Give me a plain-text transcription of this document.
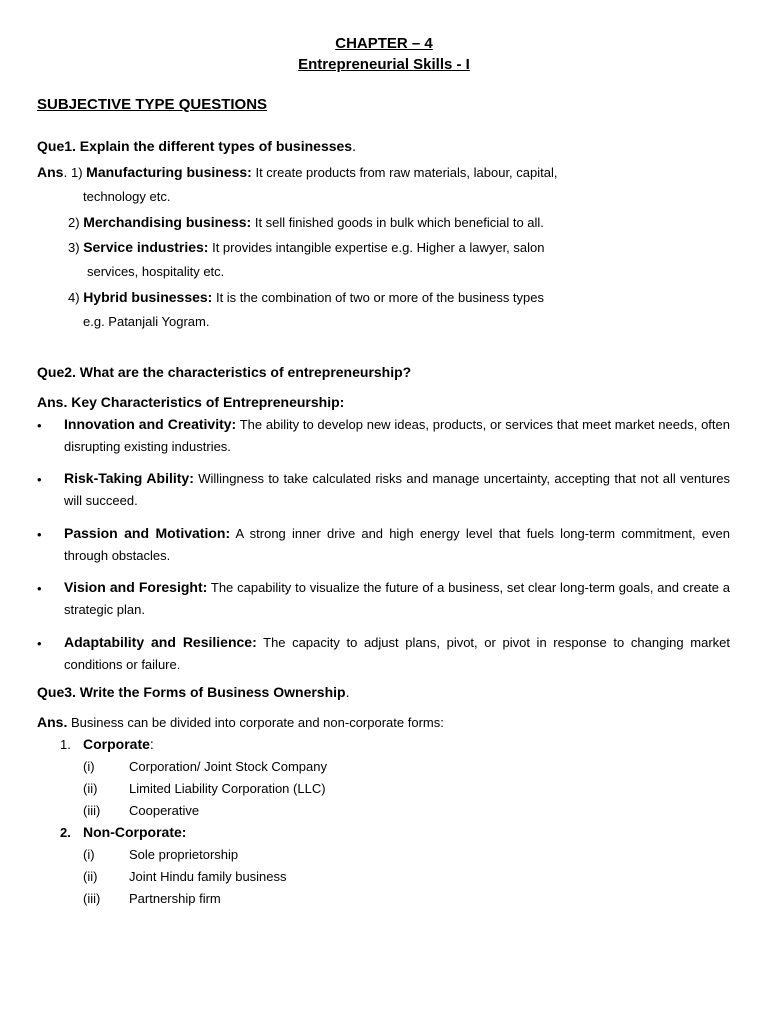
CHAPTER – 4
Entrepreneurial Skills - I
SUBJECTIVE TYPE QUESTIONS
Que1. Explain the different types of businesses.
Ans. 1) Manufacturing business: It create products from raw materials, labour, capital,
technology etc.
2) Merchandising business: It sell finished goods in bulk which beneficial to all.
3) Service industries: It provides intangible expertise e.g. Higher a lawyer, salon
services, hospitality etc.
4) Hybrid businesses: It is the combination of two or more of the business types
e.g. Patanjali Yogram.
Que2. What are the characteristics of entrepreneurship?
Ans. Key Characteristics of Entrepreneurship:
• Innovation and Creativity: The ability to develop new ideas, products, or services that meet market needs, often disrupting existing industries.
• Risk-Taking Ability: Willingness to take calculated risks and manage uncertainty, accepting that not all ventures will succeed.
• Passion and Motivation: A strong inner drive and high energy level that fuels long-term commitment, even through obstacles.
• Vision and Foresight: The capability to visualize the future of a business, set clear long-term goals, and create a strategic plan.
• Adaptability and Resilience: The capacity to adjust plans, pivot, or pivot in response to changing market conditions or failure.
Que3. Write the Forms of Business Ownership.
Ans. Business can be divided into corporate and non-corporate forms:
1. Corporate:
(i)	Corporation/ Joint Stock Company
(ii) Limited Liability Corporation (LLC)
(iii) Cooperative
2. Non-Corporate:
(i)	Sole proprietorship
(ii) Joint Hindu family business
(iii) Partnership firm
